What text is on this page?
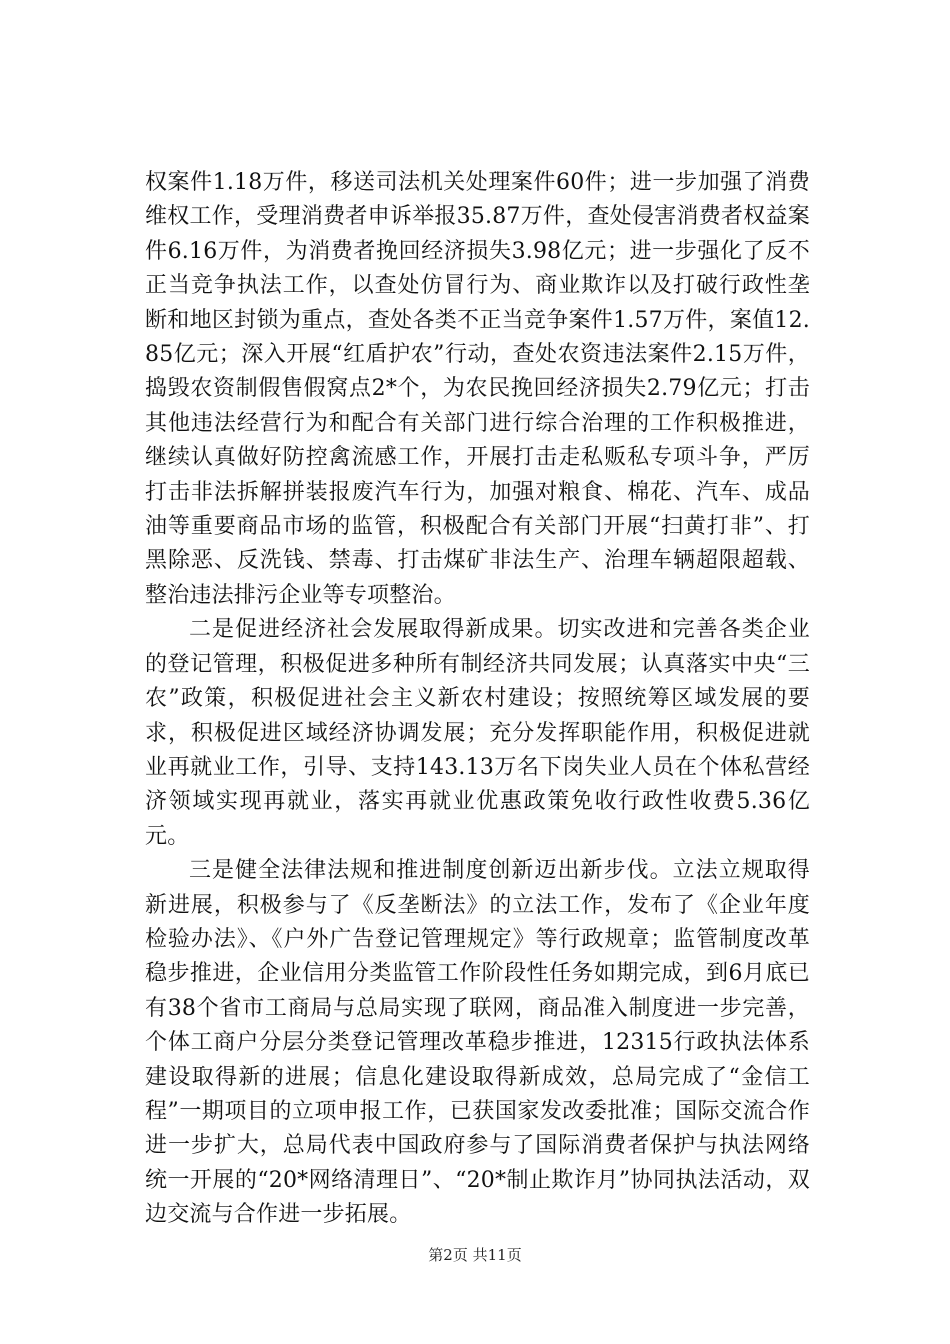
权案件1.18万件，移送司法机关处理案件60件；进一步加强了消费维权工作，受理消费者申诉举报35.87万件，查处侵害消费者权益案件6.16万件，为消费者挽回经济损失3.98亿元；进一步强化了反不正当竞争执法工作，以查处仿冒行为、商业欺诈以及打破行政性垄断和地区封锁为重点，查处各类不正当竞争案件1.57万件，案值12.85亿元；深入开展“红盾护农”行动，查处农资违法案件2.15万件，捣毁农资制假售假窝点2*个，为农民挽回经济损失2.79亿元；打击其他违法经营行为和配合有关部门进行综合治理的工作积极推进，继续认真做好防控禽流感工作，开展打击走私贩私专项斗争，严厉打击非法拆解拼装报废汽车行为，加强对粮食、棉花、汽车、成品油等重要商品市场的监管，积极配合有关部门开展“扫黄打非”、打黑除恶、反洗钱、禁毒、打击煤矿非法生产、治理车辆超限超载、整治违法排污企业等专项整治。

二是促进经济社会发展取得新成果。切实改进和完善各类企业的登记管理，积极促进多种所有制经济共同发展；认真落实中央“三农”政策，积极促进社会主义新农村建设；按照统筹区域发展的要求，积极促进区域经济协调发展；充分发挥职能作用，积极促进就业再就业工作，引导、支持143.13万名下岗失业人员在个体私营经济领域实现再就业，落实再就业优惠政策免收行政性收费5.36亿元。

三是健全法律法规和推进制度创新迈出新步伐。立法立规取得新进展，积极参与了《反垄断法》的立法工作，发布了《企业年度检验办法》、《户外广告登记管理规定》等行政规章；监管制度改革稳步推进，企业信用分类监管工作阶段性任务如期完成，到6月底已有38个省市工商局与总局实现了联网，商品准入制度进一步完善，个体工商户分层分类登记管理改革稳步推进，12315行政执法体系建设取得新的进展；信息化建设取得新成效，总局完成了“金信工程”一期项目的立项申报工作，已获国家发改委批准；国际交流合作进一步扩大，总局代表中国政府参与了国际消费者保护与执法网络统一开展的“20*网络清理日”、“20*制止欺诈月”协同执法活动，双边交流与合作进一步拓展。

第2页 共11页
